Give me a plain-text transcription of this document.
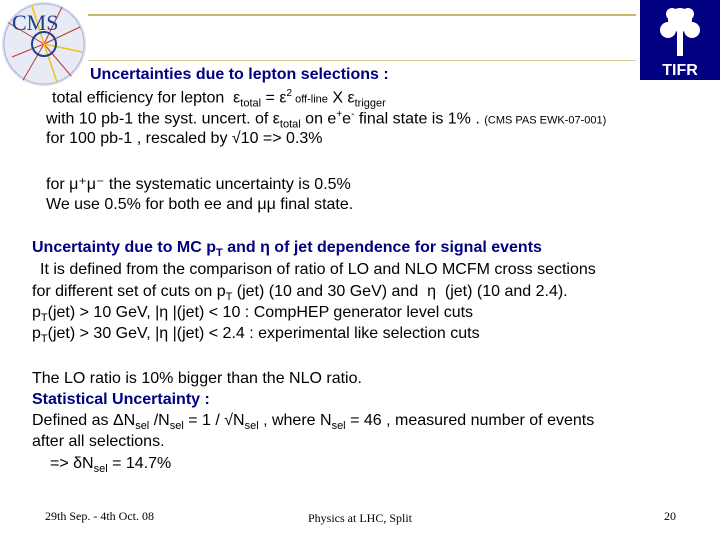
CMS
TIFR
Uncertainties due to lepton selections :
total efficiency for lepton  $\varepsilon_{total} = \varepsilon^2$ off-line X $\varepsilon_{trigger}$
with 10 pb-1 the syst. uncert. of $\varepsilon_{total}$ on e+e- final state is 1% . (CMS PAS EWK-07-001)
for 100 pb-1 , rescaled by √10 => 0.3%
for μ⁺μ⁻ the systematic uncertainty is 0.5%
We use 0.5% for both ee and μμ final state.
Uncertainty due to MC $p_T$ and η of jet dependence for signal events
It is defined from the comparison of ratio of LO and NLO MCFM cross sections
for different set of cuts on $p_T$ (jet) (10 and 30 GeV) and  η  (jet) (10 and 2.4).
$p_T(jet) > 10$ GeV, |η |(jet) < 10 : CompHEP generator level cuts
$p_T(jet) > 30$ GeV, |η |(jet) < 2.4 : experimental like selection cuts
The LO ratio is 10% bigger than the NLO ratio.
Statistical Uncertainty :
Defined as $\Delta N_{sel}$ $/N_{sel} = 1 / √N_{sel}$ , where $N_{sel} = 46$ , measured number of events
after all selections.
=> $\delta N_{sel} = 14.7\%$
29th Sep. - 4th Oct. 08	Physics at LHC, Split	20
